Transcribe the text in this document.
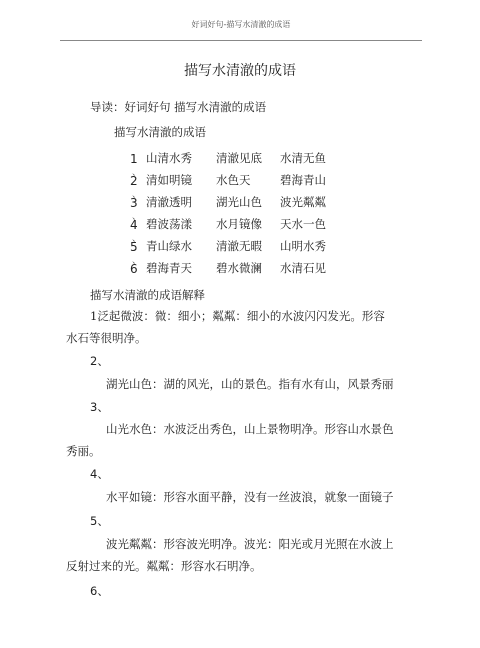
好词好句-描写水清澈的成语
描写水清澈的成语
导读：好词好句 描写水清澈的成语
描写水清澈的成语
1
、
山清水秀 清澈见底 水清无鱼
2
、
清如明镜 水色天	碧海青山
3
、
清澈透明 湖光山色 波光粼粼
4
、
碧波荡漾 水月镜像 天水一色
5
、
青山绿水 清澈无暇 山明水秀
6 碧海青天 碧水微澜 水清石见
描写水清澈的成语解释
1泛起微波：微：细小；粼粼：细小的水波闪闪发光。形容
水石等很明净。
2、
湖光山色：湖的风光，山的景色。指有水有山，风景秀丽
3、
山光水色：水波泛出秀色，山上景物明净。形容山水景色
秀丽。
4、
水平如镜：形容水面平静，没有一丝波浪，就象一面镜子
5、
波光粼粼：形容波光明净。波光：阳光或月光照在水波上
反射过来的光。粼粼：形容水石明净。
6、
